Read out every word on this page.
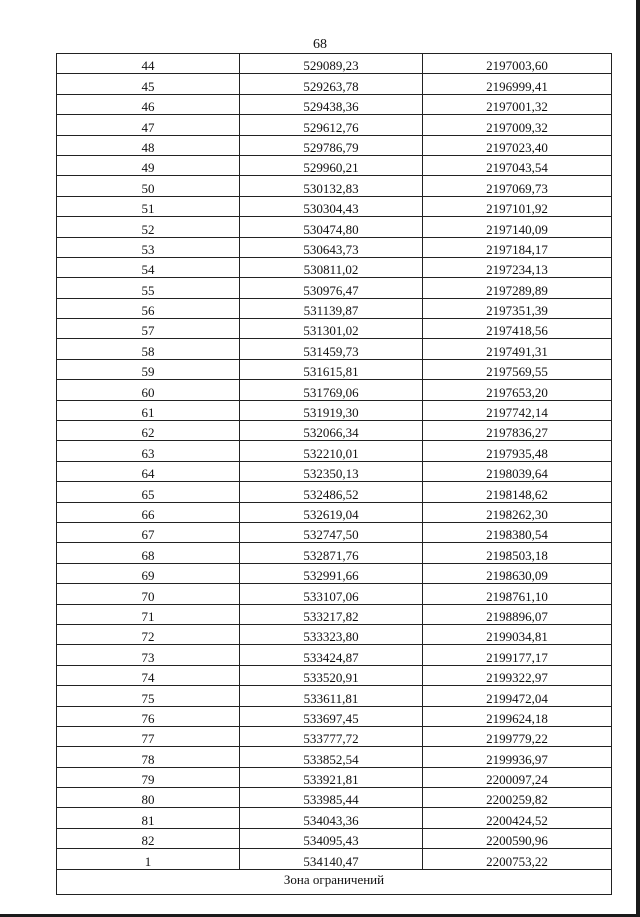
68
44	529089,23	2197003,60
45	529263,78	2196999,41
46	529438,36	2197001,32
47	529612,76	2197009,32
48	529786,79	2197023,40
49	529960,21	2197043,54
50	530132,83	2197069,73
51	530304,43	2197101,92
52	530474,80	2197140,09
53	530643,73	2197184,17
54	530811,02	2197234,13
55	530976,47	2197289,89
56	531139,87	2197351,39
57	531301,02	2197418,56
58	531459,73	2197491,31
59	531615,81	2197569,55
60	531769,06	2197653,20
61	531919,30	2197742,14
62	532066,34	2197836,27
63	532210,01	2197935,48
64	532350,13	2198039,64
65	532486,52	2198148,62
66	532619,04	2198262,30
67	532747,50	2198380,54
68	532871,76	2198503,18
69	532991,66	2198630,09
70	533107,06	2198761,10
71	533217,82	2198896,07
72	533323,80	2199034,81
73	533424,87	2199177,17
74	533520,91	2199322,97
75	533611,81	2199472,04
76	533697,45	2199624,18
77	533777,72	2199779,22
78	533852,54	2199936,97
79	533921,81	2200097,24
80	533985,44	2200259,82
81	534043,36	2200424,52
82	534095,43	2200590,96
1	534140,47	2200753,22
Зона ограничений		
